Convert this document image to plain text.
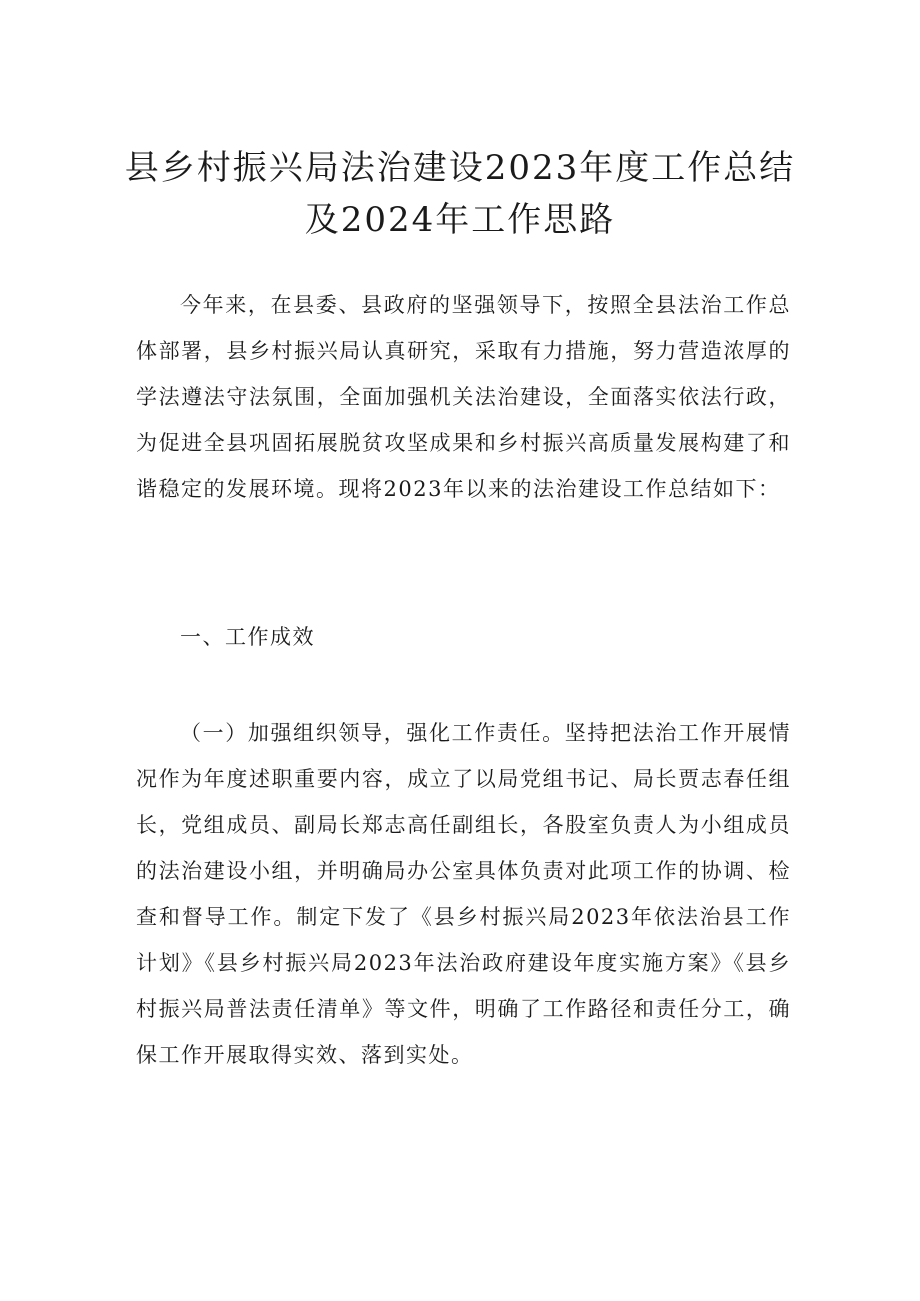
县乡村振兴局法治建设2023年度工作总结
及2024年工作思路

今年来，在县委、县政府的坚强领导下，按照全县法治工作总体部署，县乡村振兴局认真研究，采取有力措施，努力营造浓厚的学法遵法守法氛围，全面加强机关法治建设，全面落实依法行政，为促进全县巩固拓展脱贫攻坚成果和乡村振兴高质量发展构建了和谐稳定的发展环境。现将2023年以来的法治建设工作总结如下：

一、工作成效

（一）加强组织领导，强化工作责任。坚持把法治工作开展情况作为年度述职重要内容，成立了以局党组书记、局长贾志春任组长，党组成员、副局长郑志高任副组长，各股室负责人为小组成员的法治建设小组，并明确局办公室具体负责对此项工作的协调、检查和督导工作。制定下发了《县乡村振兴局2023年依法治县工作计划》《县乡村振兴局2023年法治政府建设年度实施方案》《县乡村振兴局普法责任清单》等文件，明确了工作路径和责任分工，确保工作开展取得实效、落到实处。
